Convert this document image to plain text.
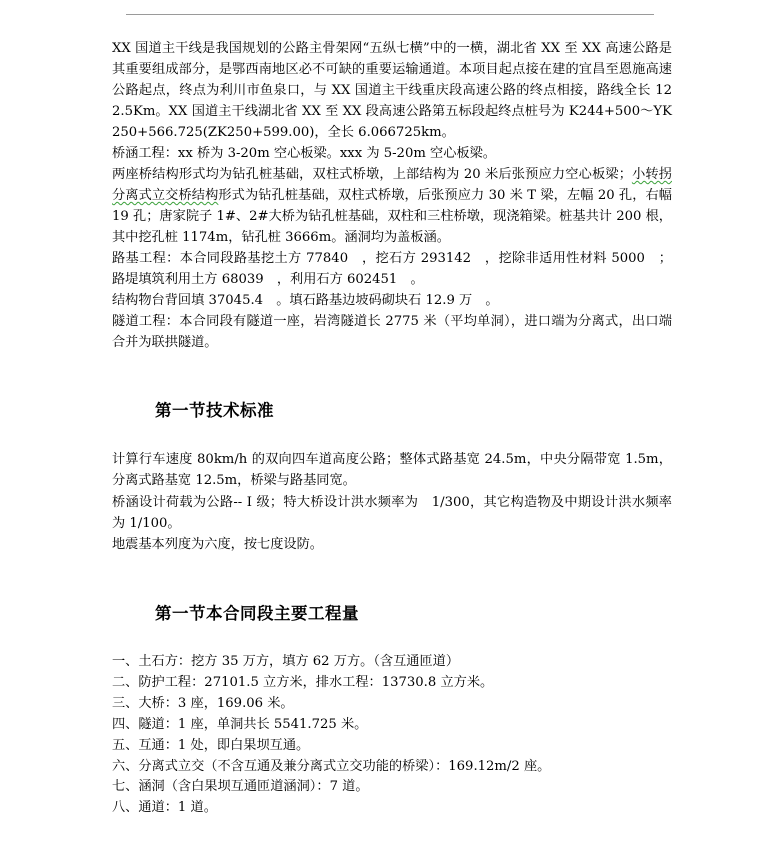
XX 国道主干线是我国规划的公路主骨架网“五纵七横”中的一横，湖北省 XX 至 XX 高速公路是其重要组成部分，是鄂西南地区必不可缺的重要运输通道。本项目起点接在建的宜昌至恩施高速公路起点，终点为利川市鱼泉口，与 XX 国道主干线重庆段高速公路的终点相接，路线全长 122.5Km。XX 国道主干线湖北省 XX 至 XX 段高速公路第五标段起终点桩号为 K244+500～YK250+566.725(ZK250+599.00)，全长 6.066725km。

桥涵工程：xx 桥为 3-20m 空心板梁。xxx 为 5-20m 空心板梁。

两座桥结构形式均为钻孔桩基础，双柱式桥墩，上部结构为 20 米后张预应力空心板梁；小转拐分离式立交桥结构形式为钻孔桩基础，双柱式桥墩，后张预应力 30 米 T 梁，左幅 20 孔，右幅 19 孔；唐家院子 1#、2#大桥为钻孔桩基础，双柱和三柱桥墩，现浇箱梁。桩基共计 200 根，其中挖孔桩 1174m，钻孔桩 3666m。涵洞均为盖板涵。

路基工程：本合同段路基挖土方 77840　，挖石方 293142　，挖除非适用性材料 5000　；路堤填筑利用土方 68039　，利用石方 602451　。

结构物台背回填 37045.4　。填石路基边坡码砌块石 12.9 万　。

隧道工程：本合同段有隧道一座，岩湾隧道长 2775 米（平均单洞），进口端为分离式，出口端合并为联拱隧道。

第一节技术标准

计算行车速度 80km/h 的双向四车道高度公路；整体式路基宽 24.5m，中央分隔带宽 1.5m，分离式路基宽 12.5m，桥梁与路基同宽。

桥涵设计荷载为公路-- I 级；特大桥设计洪水频率为　1/300，其它构造物及中期设计洪水频率为 1/100。

地震基本列度为六度，按七度设防。

第一节本合同段主要工程量

一、土石方：挖方 35 万方，填方 62 万方。（含互通匝道）

二、防护工程：27101.5 立方米，排水工程：13730.8 立方米。

三、大桥：3 座，169.06 米。

四、隧道：1 座，单洞共长 5541.725 米。

五、互通：1 处，即白果坝互通。

六、分离式立交（不含互通及兼分离式立交功能的桥梁）：169.12m/2 座。

七、涵洞（含白果坝互通匝道涵洞）：7 道。

八、通道：1 道。
